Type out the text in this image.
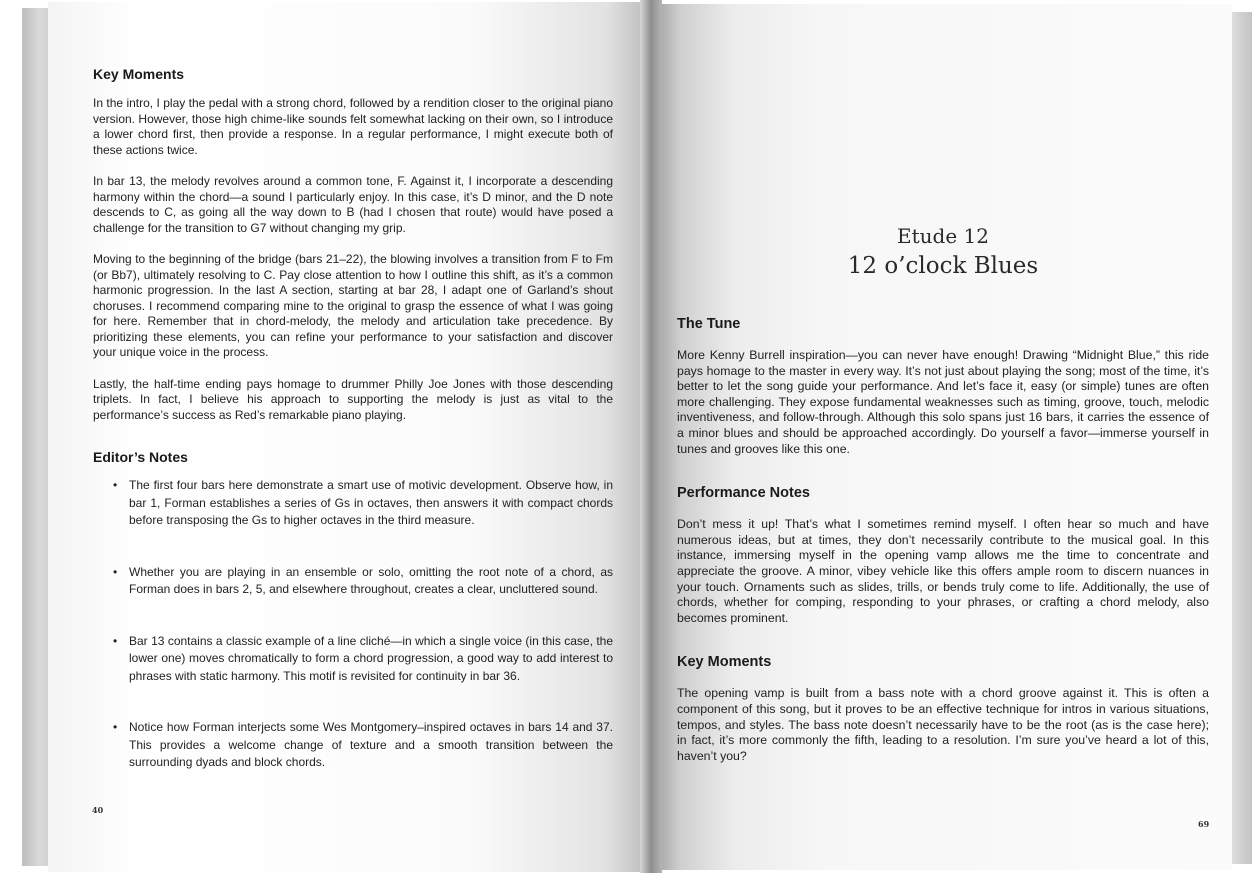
Key Moments

In the intro, I play the pedal with a strong chord, followed by a rendition closer to the original piano version. However, those high chime-like sounds felt somewhat lacking on their own, so I introduce a lower chord first, then provide a response. In a regular performance, I might execute both of these actions twice.

In bar 13, the melody revolves around a common tone, F. Against it, I incorporate a descending harmony within the chord—a sound I particularly enjoy. In this case, it’s D minor, and the D note descends to C, as going all the way down to B (had I chosen that route) would have posed a challenge for the transition to G7 without changing my grip.

Moving to the beginning of the bridge (bars 21–22), the blowing involves a transition from F to Fm (or Bb7), ultimately resolving to C. Pay close attention to how I outline this shift, as it’s a common harmonic progression. In the last A section, starting at bar 28, I adapt one of Garland’s shout choruses. I recommend comparing mine to the original to grasp the essence of what I was going for here. Remember that in chord-melody, the melody and articulation take precedence. By prioritizing these elements, you can refine your performance to your satisfaction and discover your unique voice in the process.

Lastly, the half-time ending pays homage to drummer Philly Joe Jones with those descending triplets. In fact, I believe his approach to supporting the melody is just as vital to the performance’s success as Red’s remarkable piano playing.

Editor’s Notes
• The first four bars here demonstrate a smart use of motivic development. Observe how, in bar 1, Forman establishes a series of Gs in octaves, then answers it with compact chords before transposing the Gs to higher octaves in the third measure.
• Whether you are playing in an ensemble or solo, omitting the root note of a chord, as Forman does in bars 2, 5, and elsewhere throughout, creates a clear, uncluttered sound.
• Bar 13 contains a classic example of a line cliché—in which a single voice (in this case, the lower one) moves chromatically to form a chord progression, a good way to add interest to phrases with static harmony. This motif is revisited for continuity in bar 36.
• Notice how Forman interjects some Wes Montgomery–inspired octaves in bars 14 and 37. This provides a welcome change of texture and a smooth transition between the surrounding dyads and block chords.
40
Etude 12
12 o’clock Blues
The Tune

More Kenny Burrell inspiration—you can never have enough! Drawing “Midnight Blue,” this ride pays homage to the master in every way. It’s not just about playing the song; most of the time, it’s better to let the song guide your performance. And let’s face it, easy (or simple) tunes are often more challenging. They expose fundamental weaknesses such as timing, groove, touch, melodic inventiveness, and follow-through. Although this solo spans just 16 bars, it carries the essence of a minor blues and should be approached accordingly. Do yourself a favor—immerse yourself in tunes and grooves like this one.

Performance Notes

Don’t mess it up! That’s what I sometimes remind myself. I often hear so much and have numerous ideas, but at times, they don’t necessarily contribute to the musical goal. In this instance, immersing myself in the opening vamp allows me the time to concentrate and appreciate the groove. A minor, vibey vehicle like this offers ample room to discern nuances in your touch. Ornaments such as slides, trills, or bends truly come to life. Additionally, the use of chords, whether for comping, responding to your phrases, or crafting a chord melody, also becomes prominent.

Key Moments

The opening vamp is built from a bass note with a chord groove against it. This is often a component of this song, but it proves to be an effective technique for intros in various situations, tempos, and styles. The bass note doesn’t necessarily have to be the root (as is the case here); in fact, it’s more commonly the fifth, leading to a resolution. I’m sure you’ve heard a lot of this, haven’t you?

69
